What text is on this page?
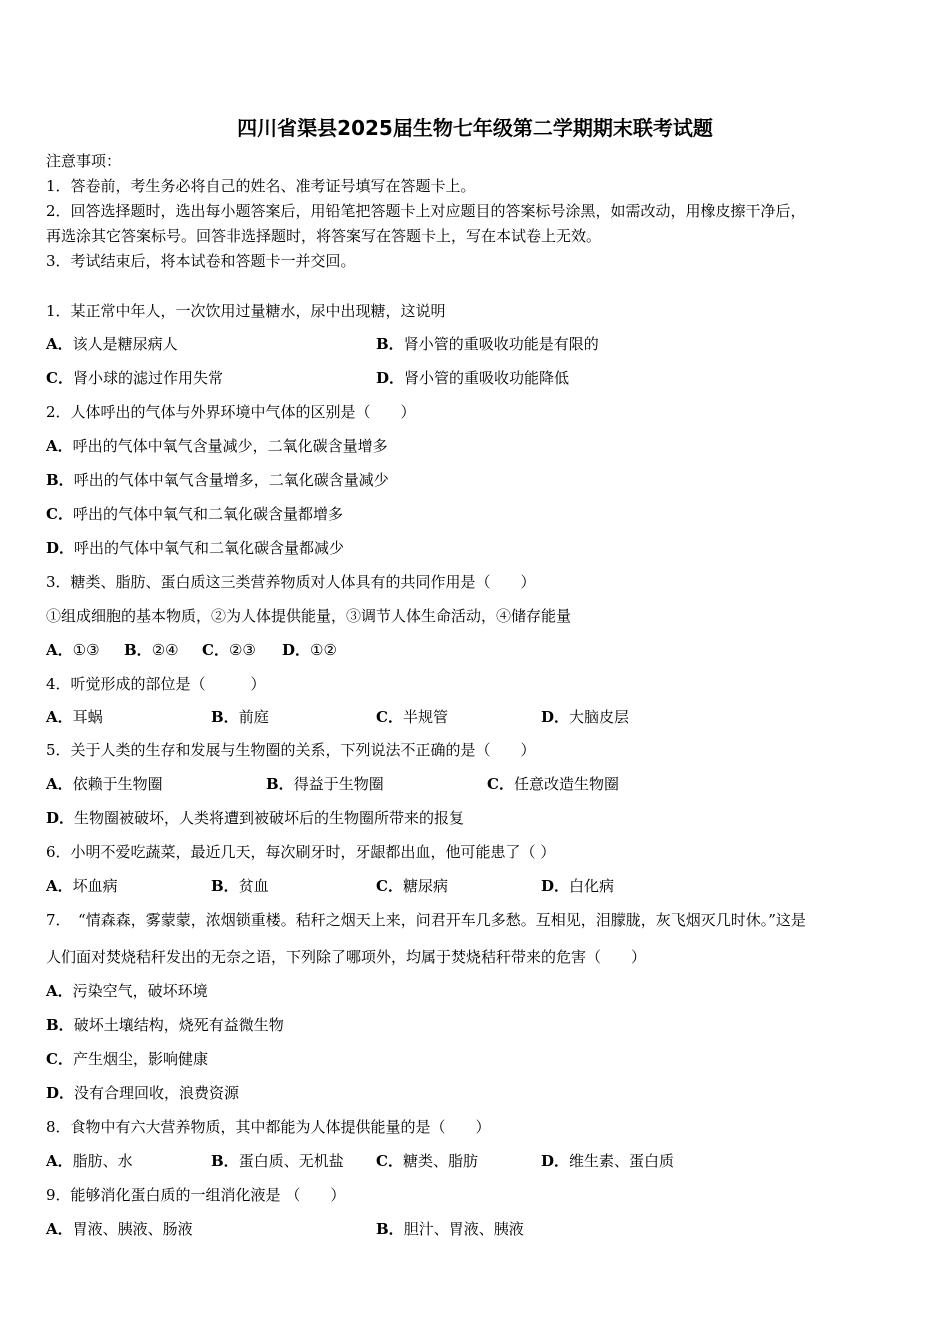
四川省渠县2025届生物七年级第二学期期末联考试题
注意事项：
1．答卷前，考生务必将自己的姓名、准考证号填写在答题卡上。
2．回答选择题时，选出每小题答案后，用铅笔把答题卡上对应题目的答案标号涂黑，如需改动，用橡皮擦干净后，
再选涂其它答案标号。回答非选择题时，将答案写在答题卡上，写在本试卷上无效。
3．考试结束后，将本试卷和答题卡一并交回。
1．某正常中年人，一次饮用过量糖水，尿中出现糖，这说明
A．该人是糖尿病人	B．肾小管的重吸收功能是有限的
C．肾小球的滤过作用失常	D．肾小管的重吸收功能降低
2．人体呼出的气体与外界环境中气体的区别是（　　）
A．呼出的气体中氧气含量减少，二氧化碳含量增多
B．呼出的气体中氧气含量增多，二氧化碳含量减少
C．呼出的气体中氧气和二氧化碳含量都增多
D．呼出的气体中氧气和二氧化碳含量都减少
3．糖类、脂肪、蛋白质这三类营养物质对人体具有的共同作用是（　　）
①组成细胞的基本物质，②为人体提供能量，③调节人体生命活动，④储存能量
A．①③ B．②④ C．②③ D．①②
4．听觉形成的部位是（　　　）
A．耳蜗	B．前庭	C．半规管	D．大脑皮层
5．关于人类的生存和发展与生物圈的关系，下列说法不正确的是（　　）
A．依赖于生物圈	B．得益于生物圈	C．任意改造生物圈
D．生物圈被破坏，人类将遭到被破坏后的生物圈所带来的报复
6．小明不爱吃蔬菜，最近几天，每次刷牙时，牙龈都出血，他可能患了（ ）
A．坏血病	B．贫血	C．糖尿病	D．白化病
7．　“情森森，雾蒙蒙，浓烟锁重楼。秸秆之烟天上来，问君开车几多愁。互相见，泪朦胧，灰飞烟灭几时休。”这是
人们面对焚烧秸秆发出的无奈之语，下列除了哪项外，均属于焚烧秸秆带来的危害（　　）
A．污染空气，破坏环境
B．破坏土壤结构，烧死有益微生物
C．产生烟尘，影响健康
D．没有合理回收，浪费资源
8．食物中有六大营养物质，其中都能为人体提供能量的是（　　）
A．脂肪、水	B．蛋白质、无机盐 C．糖类、脂肪	D．维生素、蛋白质
9．能够消化蛋白质的一组消化液是 （　　）
A．胃液、胰液、肠液	B．胆汁、胃液、胰液
